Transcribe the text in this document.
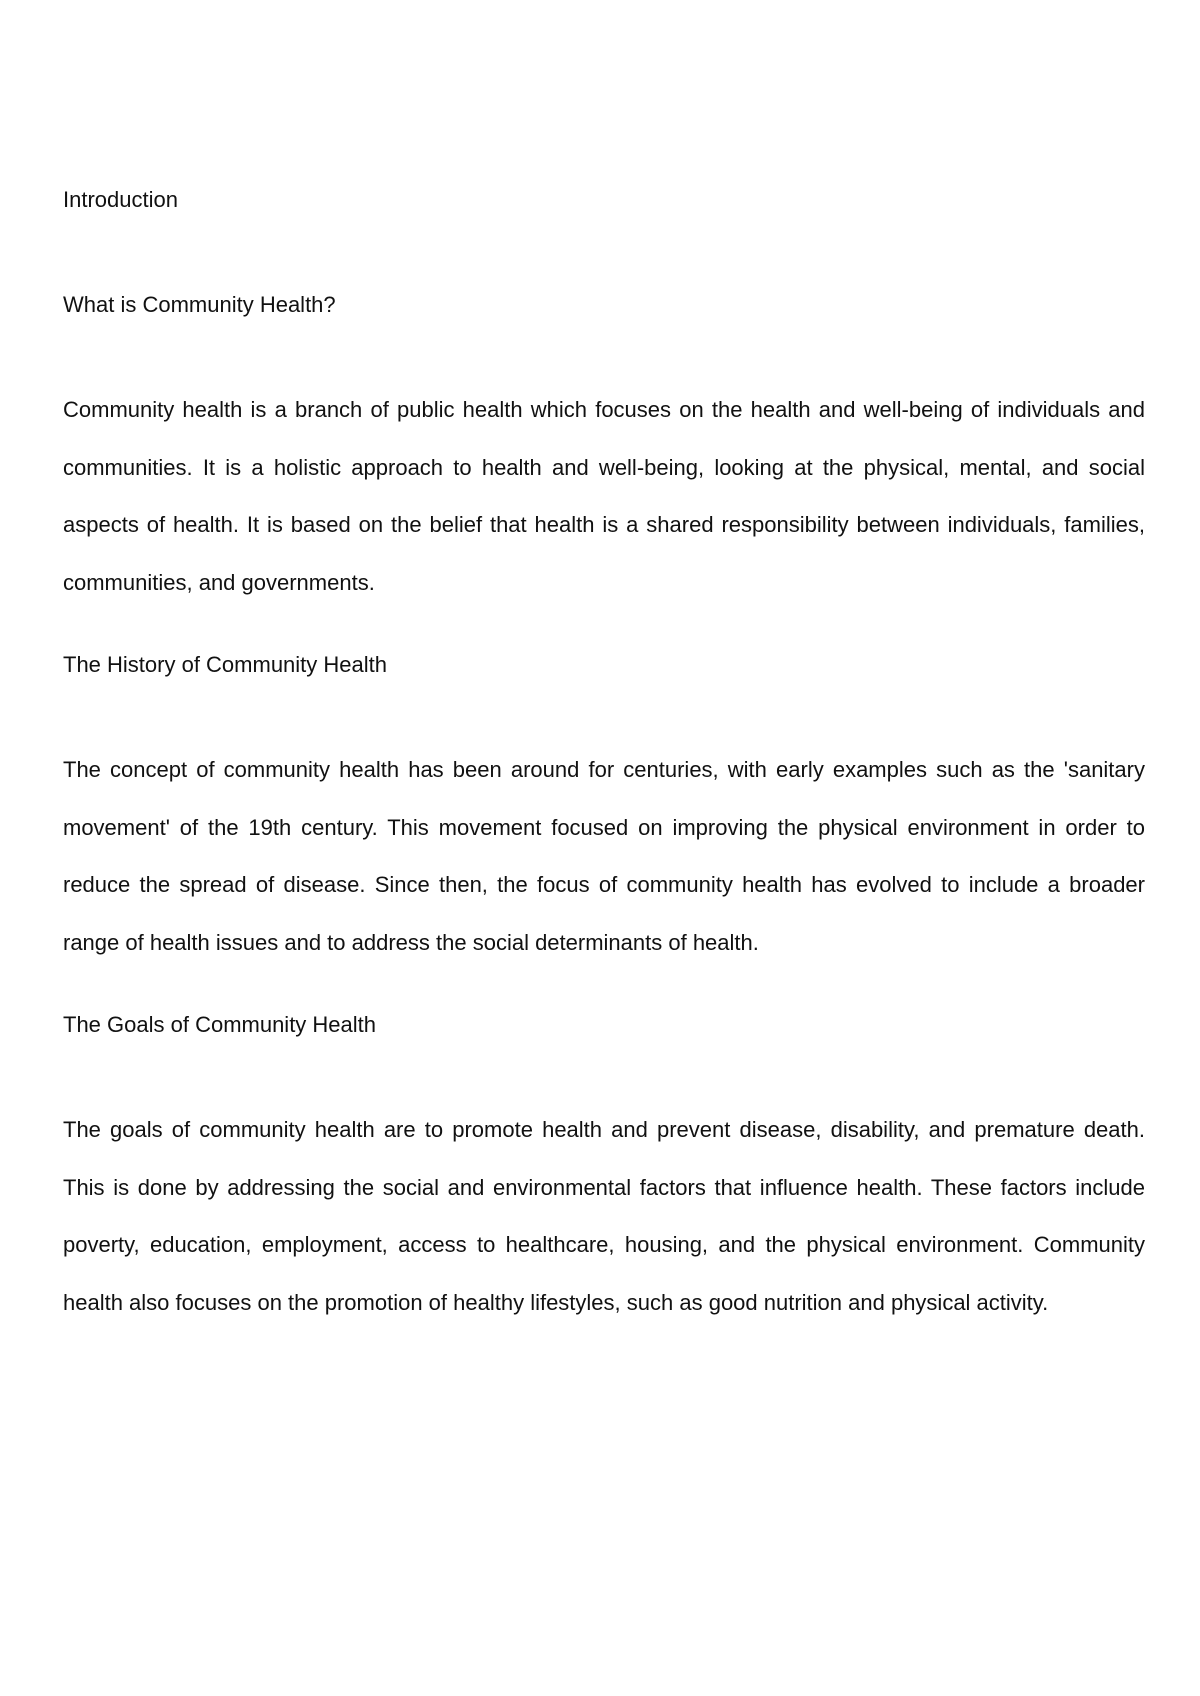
Introduction
What is Community Health?

Community health is a branch of public health which focuses on the health and well-being of individuals and communities. It is a holistic approach to health and well-being, looking at the physical, mental, and social aspects of health. It is based on the belief that health is a shared responsibility between individuals, families, communities, and governments.

The History of Community Health

The concept of community health has been around for centuries, with early examples such as the 'sanitary movement' of the 19th century. This movement focused on improving the physical environment in order to reduce the spread of disease. Since then, the focus of community health has evolved to include a broader range of health issues and to address the social determinants of health.

The Goals of Community Health

The goals of community health are to promote health and prevent disease, disability, and premature death. This is done by addressing the social and environmental factors that influence health. These factors include poverty, education, employment, access to healthcare, housing, and the physical environment. Community health also focuses on the promotion of healthy lifestyles, such as good nutrition and physical activity.
